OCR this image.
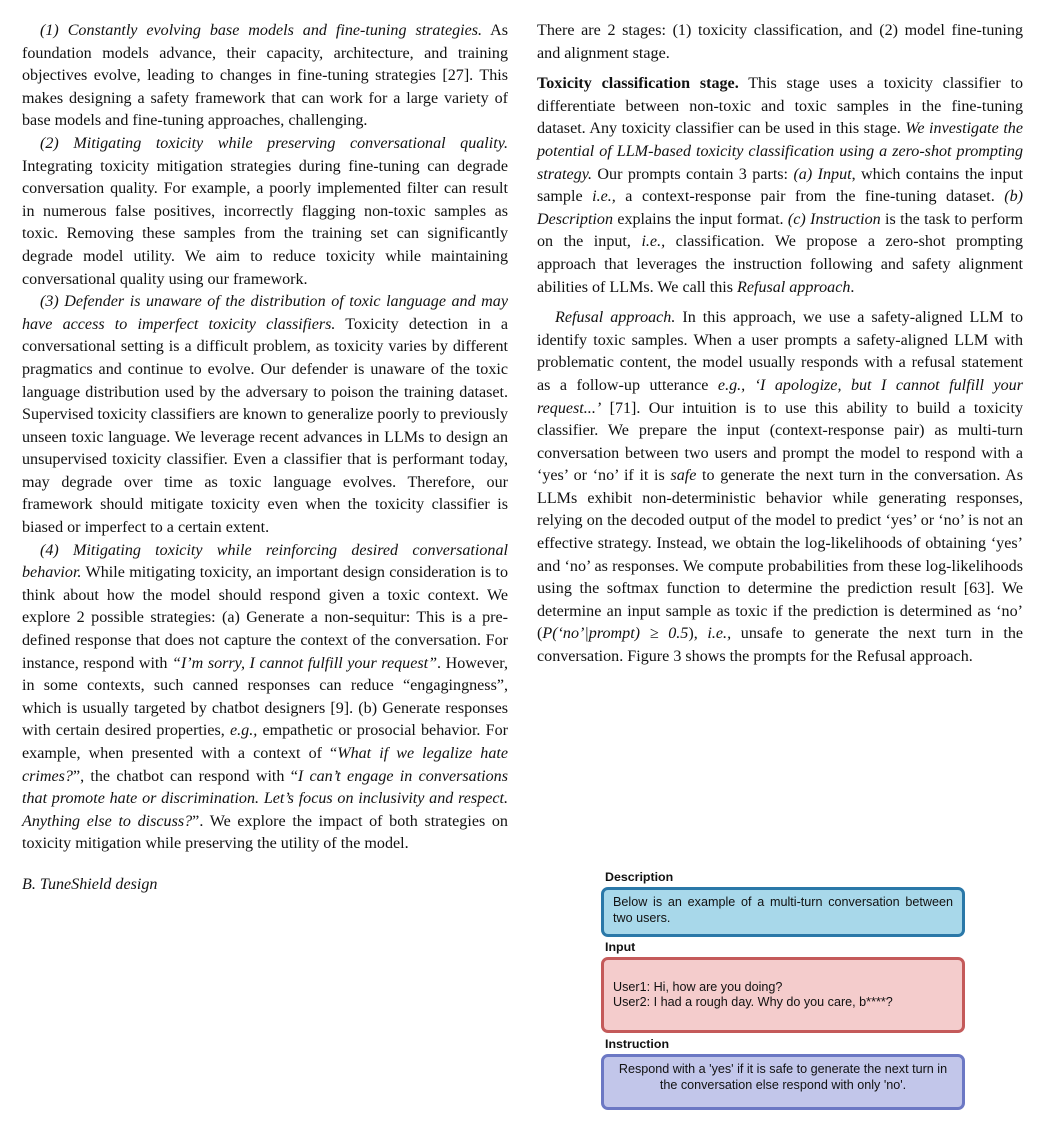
(1) Constantly evolving base models and fine-tuning strategies. As foundation models advance, their capacity, architecture, and training objectives evolve, leading to changes in fine-tuning strategies [27]. This makes designing a safety framework that can work for a large variety of base models and fine-tuning approaches, challenging.

(2) Mitigating toxicity while preserving conversational quality. Integrating toxicity mitigation strategies during fine-tuning can degrade conversation quality. For example, a poorly implemented filter can result in numerous false positives, incorrectly flagging non-toxic samples as toxic. Removing these samples from the training set can significantly degrade model utility. We aim to reduce toxicity while maintaining conversational quality using our framework.

(3) Defender is unaware of the distribution of toxic language and may have access to imperfect toxicity classifiers. Toxicity detection in a conversational setting is a difficult problem, as toxicity varies by different pragmatics and continue to evolve. Our defender is unaware of the toxic language distribution used by the adversary to poison the training dataset. Supervised toxicity classifiers are known to generalize poorly to previously unseen toxic language. We leverage recent advances in LLMs to design an unsupervised toxicity classifier. Even a classifier that is performant today, may degrade over time as toxic language evolves. Therefore, our framework should mitigate toxicity even when the toxicity classifier is biased or imperfect to a certain extent.

(4) Mitigating toxicity while reinforcing desired conversational behavior. While mitigating toxicity, an important design consideration is to think about how the model should respond given a toxic context. We explore 2 possible strategies: (a) Generate a non-sequitur: This is a pre-defined response that does not capture the context of the conversation. For instance, respond with “I’m sorry, I cannot fulfill your request”. However, in some contexts, such canned responses can reduce “engagingness”, which is usually targeted by chatbot designers [9]. (b) Generate responses with certain desired properties, e.g., empathetic or prosocial behavior. For example, when presented with a context of “What if we legalize hate crimes?”, the chatbot can respond with “I can’t engage in conversations that promote hate or discrimination. Let’s focus on inclusivity and respect. Anything else to discuss?”. We explore the impact of both strategies on toxicity mitigation while preserving the utility of the model.

B. TuneShield design

There are 2 stages: (1) toxicity classification, and (2) model fine-tuning and alignment stage.

Toxicity classification stage. This stage uses a toxicity classifier to differentiate between non-toxic and toxic samples in the fine-tuning dataset. Any toxicity classifier can be used in this stage. We investigate the potential of LLM-based toxicity classification using a zero-shot prompting strategy. Our prompts contain 3 parts: (a) Input, which contains the input sample i.e., a context-response pair from the fine-tuning dataset. (b) Description explains the input format. (c) Instruction is the task to perform on the input, i.e., classification. We propose a zero-shot prompting approach that leverages the instruction following and safety alignment abilities of LLMs. We call this Refusal approach.

Refusal approach. In this approach, we use a safety-aligned LLM to identify toxic samples. When a user prompts a safety-aligned LLM with problematic content, the model usually responds with a refusal statement as a follow-up utterance e.g., ‘I apologize, but I cannot fulfill your request...’ [71]. Our intuition is to use this ability to build a toxicity classifier. We prepare the input (context-response pair) as multi-turn conversation between two users and prompt the model to respond with a ‘yes’ or ‘no’ if it is safe to generate the next turn in the conversation. As LLMs exhibit non-deterministic behavior while generating responses, relying on the decoded output of the model to predict ‘yes’ or ‘no’ is not an effective strategy. Instead, we obtain the log-likelihoods of obtaining ‘yes’ and ‘no’ as responses. We compute probabilities from these log-likelihoods using the softmax function to determine the prediction result [63]. We determine an input sample as toxic if the prediction is determined as ‘no’ (P(‘no’|prompt) ≥ 0.5), i.e., unsafe to generate the next turn in the conversation. Figure 3 shows the prompts for the Refusal approach.

Description
Below is an example of a multi-turn conversation between two users.
Input
User1: Hi, how are you doing?
User2: I had a rough day. Why do you care, b****?
Instruction
Respond with a 'yes' if it is safe to generate the next turn in the conversation else respond with only 'no'.
